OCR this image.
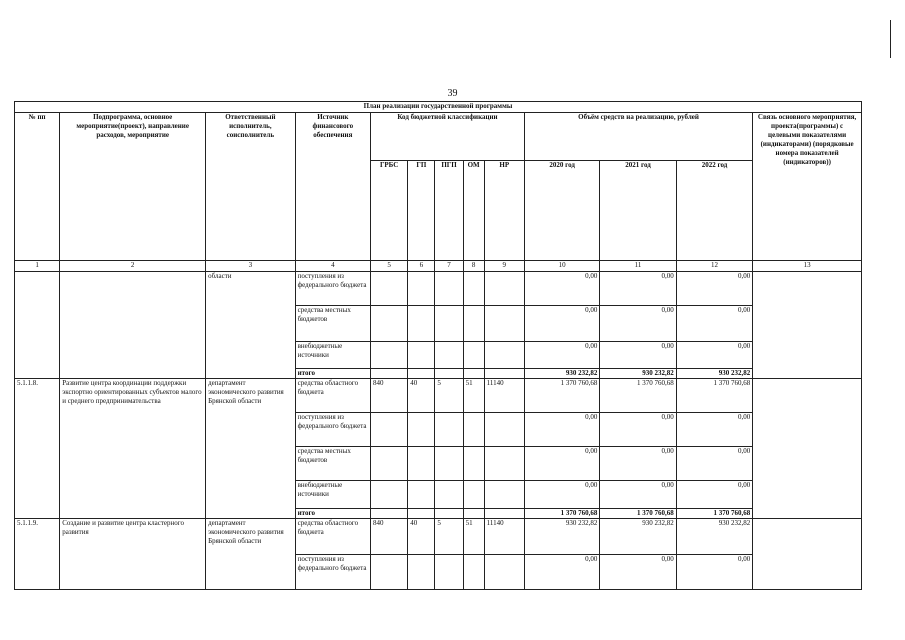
39
План реализации государственной программы												
№ пп	Подпрограмма, основное мероприятие(проект), направление расходов, мероприятие	Ответственный исполнитель, соисполнитель	Источник финансового обеспечения	Код бюджетной классификации					Объём средств на реализацию, рублей			Связь основного мероприятия, проекта(программы) с целевыми показателями (индикаторами) (порядковые номера показателей (индикаторов))
				ГРБС	ГП	ПГП	ОМ	НР	2020 год	2021 год	2022 год	
1	2	3	4	5	6	7	8	9	10	11	12	13
		области	поступления из федерального бюджета						0,00	0,00	0,00	
			средства местных бюджетов						0,00	0,00	0,00	
			внебюджетные источники						0,00	0,00	0,00	
			итого						930 232,82	930 232,82	930 232,82	
5.1.1.8.	Развитие центра координации поддержки экспортно ориентированных субъектов малого и среднего предпринимательства	департамент экономического развития Брянской области	средства областного бюджета	840	40	5	51	11140	1 370 760,68	1 370 760,68	1 370 760,68	
			поступления из федерального бюджета						0,00	0,00	0,00	
			средства местных бюджетов						0,00	0,00	0,00	
			внебюджетные источники						0,00	0,00	0,00	
			итого						1 370 760,68	1 370 760,68	1 370 760,68	
5.1.1.9.	Создание и развитие центра кластерного развития	департамент экономического развития Брянской области	средства областного бюджета	840	40	5	51	11140	930 232,82	930 232,82	930 232,82	
			поступления из федерального бюджета						0,00	0,00	0,00	
